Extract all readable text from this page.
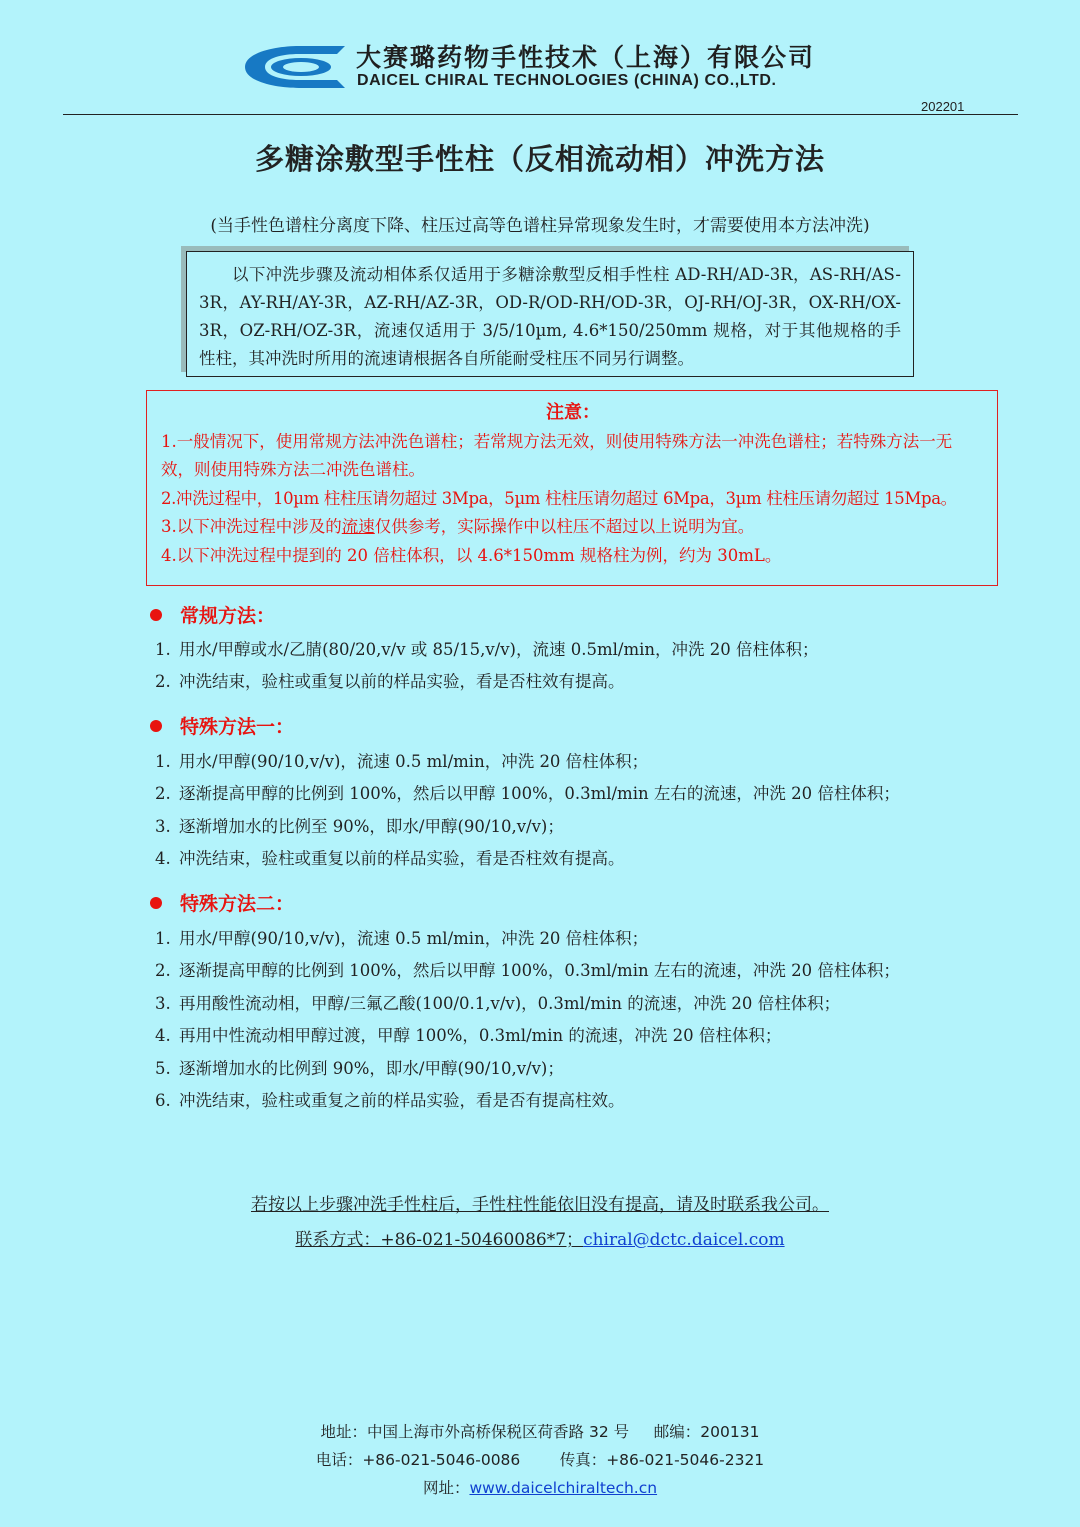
大赛璐药物手性技术（上海）有限公司
DAICEL CHIRAL TECHNOLOGIES (CHINA) CO.,LTD.
202201
多糖涂敷型手性柱（反相流动相）冲洗方法
(当手性色谱柱分离度下降、柱压过高等色谱柱异常现象发生时，才需要使用本方法冲洗)

以下冲洗步骤及流动相体系仅适用于多糖涂敷型反相手性柱 AD-RH/AD-3R，AS-RH/AS-3R，AY-RH/AY-3R，AZ-RH/AZ-3R，OD-R/OD-RH/OD-3R，OJ-RH/OJ-3R，OX-RH/OX-3R，OZ-RH/OZ-3R，流速仅适用于 3/5/10µm, 4.6*150/250mm 规格，对于其他规格的手性柱，其冲洗时所用的流速请根据各自所能耐受柱压不同另行调整。

注意：

1.一般情况下，使用常规方法冲洗色谱柱；若常规方法无效，则使用特殊方法一冲洗色谱柱；若特殊方法一无效，则使用特殊方法二冲洗色谱柱。

2.冲洗过程中，10µm 柱柱压请勿超过 3Mpa，5µm 柱柱压请勿超过 6Mpa，3µm 柱柱压请勿超过 15Mpa。

3.以下冲洗过程中涉及的流速仅供参考，实际操作中以柱压不超过以上说明为宜。

4.以下冲洗过程中提到的 20 倍柱体积，以 4.6*150mm 规格柱为例，约为 30mL。

常规方法：
1. 用水/甲醇或水/乙腈(80/20,v/v 或 85/15,v/v)，流速 0.5ml/min，冲洗 20 倍柱体积；
2. 冲洗结束，验柱或重复以前的样品实验，看是否柱效有提高。
特殊方法一：
1. 用水/甲醇(90/10,v/v)，流速 0.5 ml/min，冲洗 20 倍柱体积；
2. 逐渐提高甲醇的比例到 100%，然后以甲醇 100%，0.3ml/min 左右的流速，冲洗 20 倍柱体积；
3. 逐渐增加水的比例至 90%，即水/甲醇(90/10,v/v)；
4. 冲洗结束，验柱或重复以前的样品实验，看是否柱效有提高。
特殊方法二：
1. 用水/甲醇(90/10,v/v)，流速 0.5 ml/min，冲洗 20 倍柱体积；
2. 逐渐提高甲醇的比例到 100%，然后以甲醇 100%，0.3ml/min 左右的流速，冲洗 20 倍柱体积；
3. 再用酸性流动相，甲醇/三氟乙酸(100/0.1,v/v)，0.3ml/min 的流速，冲洗 20 倍柱体积；
4. 再用中性流动相甲醇过渡，甲醇 100%，0.3ml/min 的流速，冲洗 20 倍柱体积；
5. 逐渐增加水的比例到 90%，即水/甲醇(90/10,v/v)；
6. 冲洗结束，验柱或重复之前的样品实验，看是否有提高柱效。
若按以上步骤冲洗手性柱后，手性柱性能依旧没有提高，请及时联系我公司。
联系方式：+86-021-50460086*7；chiral@dctc.daicel.com
地址：中国上海市外高桥保税区荷香路 32 号     邮编：200131
电话：+86-021-5046-0086        传真：+86-021-5046-2321
网址：www.daicelchiraltech.cn
